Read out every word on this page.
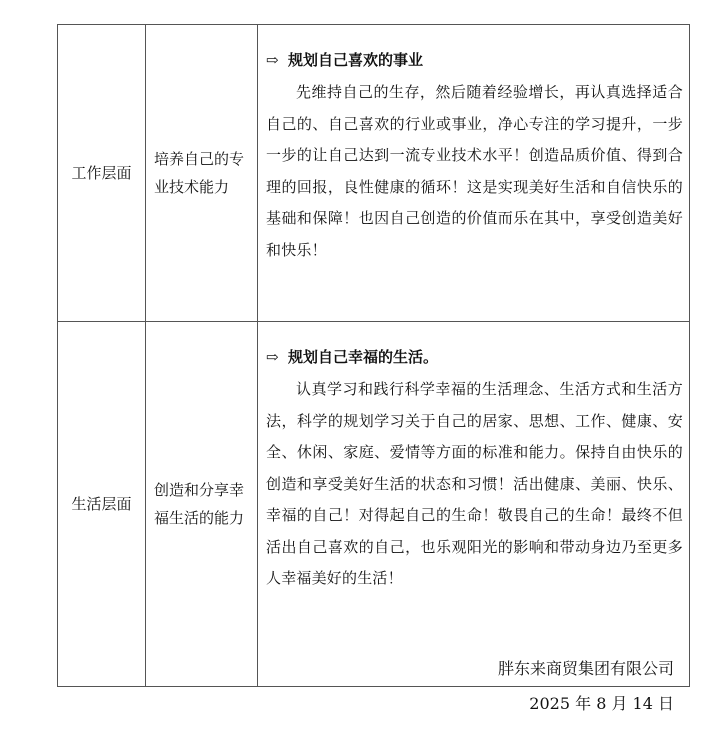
工作层面	培养自己的专业技术能力	⇨ 规划自己喜欢的事业
先维持自己的生存，然后随着经验增长，再认真选择适合自己的、自己喜欢的行业或事业，净心专注的学习提升，一步一步的让自己达到一流专业技术水平！创造品质价值、得到合理的回报，良性健康的循环！这是实现美好生活和自信快乐的基础和保障！也因自己创造的价值而乐在其中，享受创造美好和快乐！

生活层面	创造和分享幸福生活的能力	⇨ 规划自己幸福的生活。
认真学习和践行科学幸福的生活理念、生活方式和生活方法，科学的规划学习关于自己的居家、思想、工作、健康、安全、休闲、家庭、爱情等方面的标准和能力。保持自由快乐的创造和享受美好生活的状态和习惯！活出健康、美丽、快乐、幸福的自己！对得起自己的生命！敬畏自己的生命！最终不但活出自己喜欢的自己，也乐观阳光的影响和带动身边乃至更多人幸福美好的生活！
胖东来商贸集团有限公司
2025 年 8 月 14 日
